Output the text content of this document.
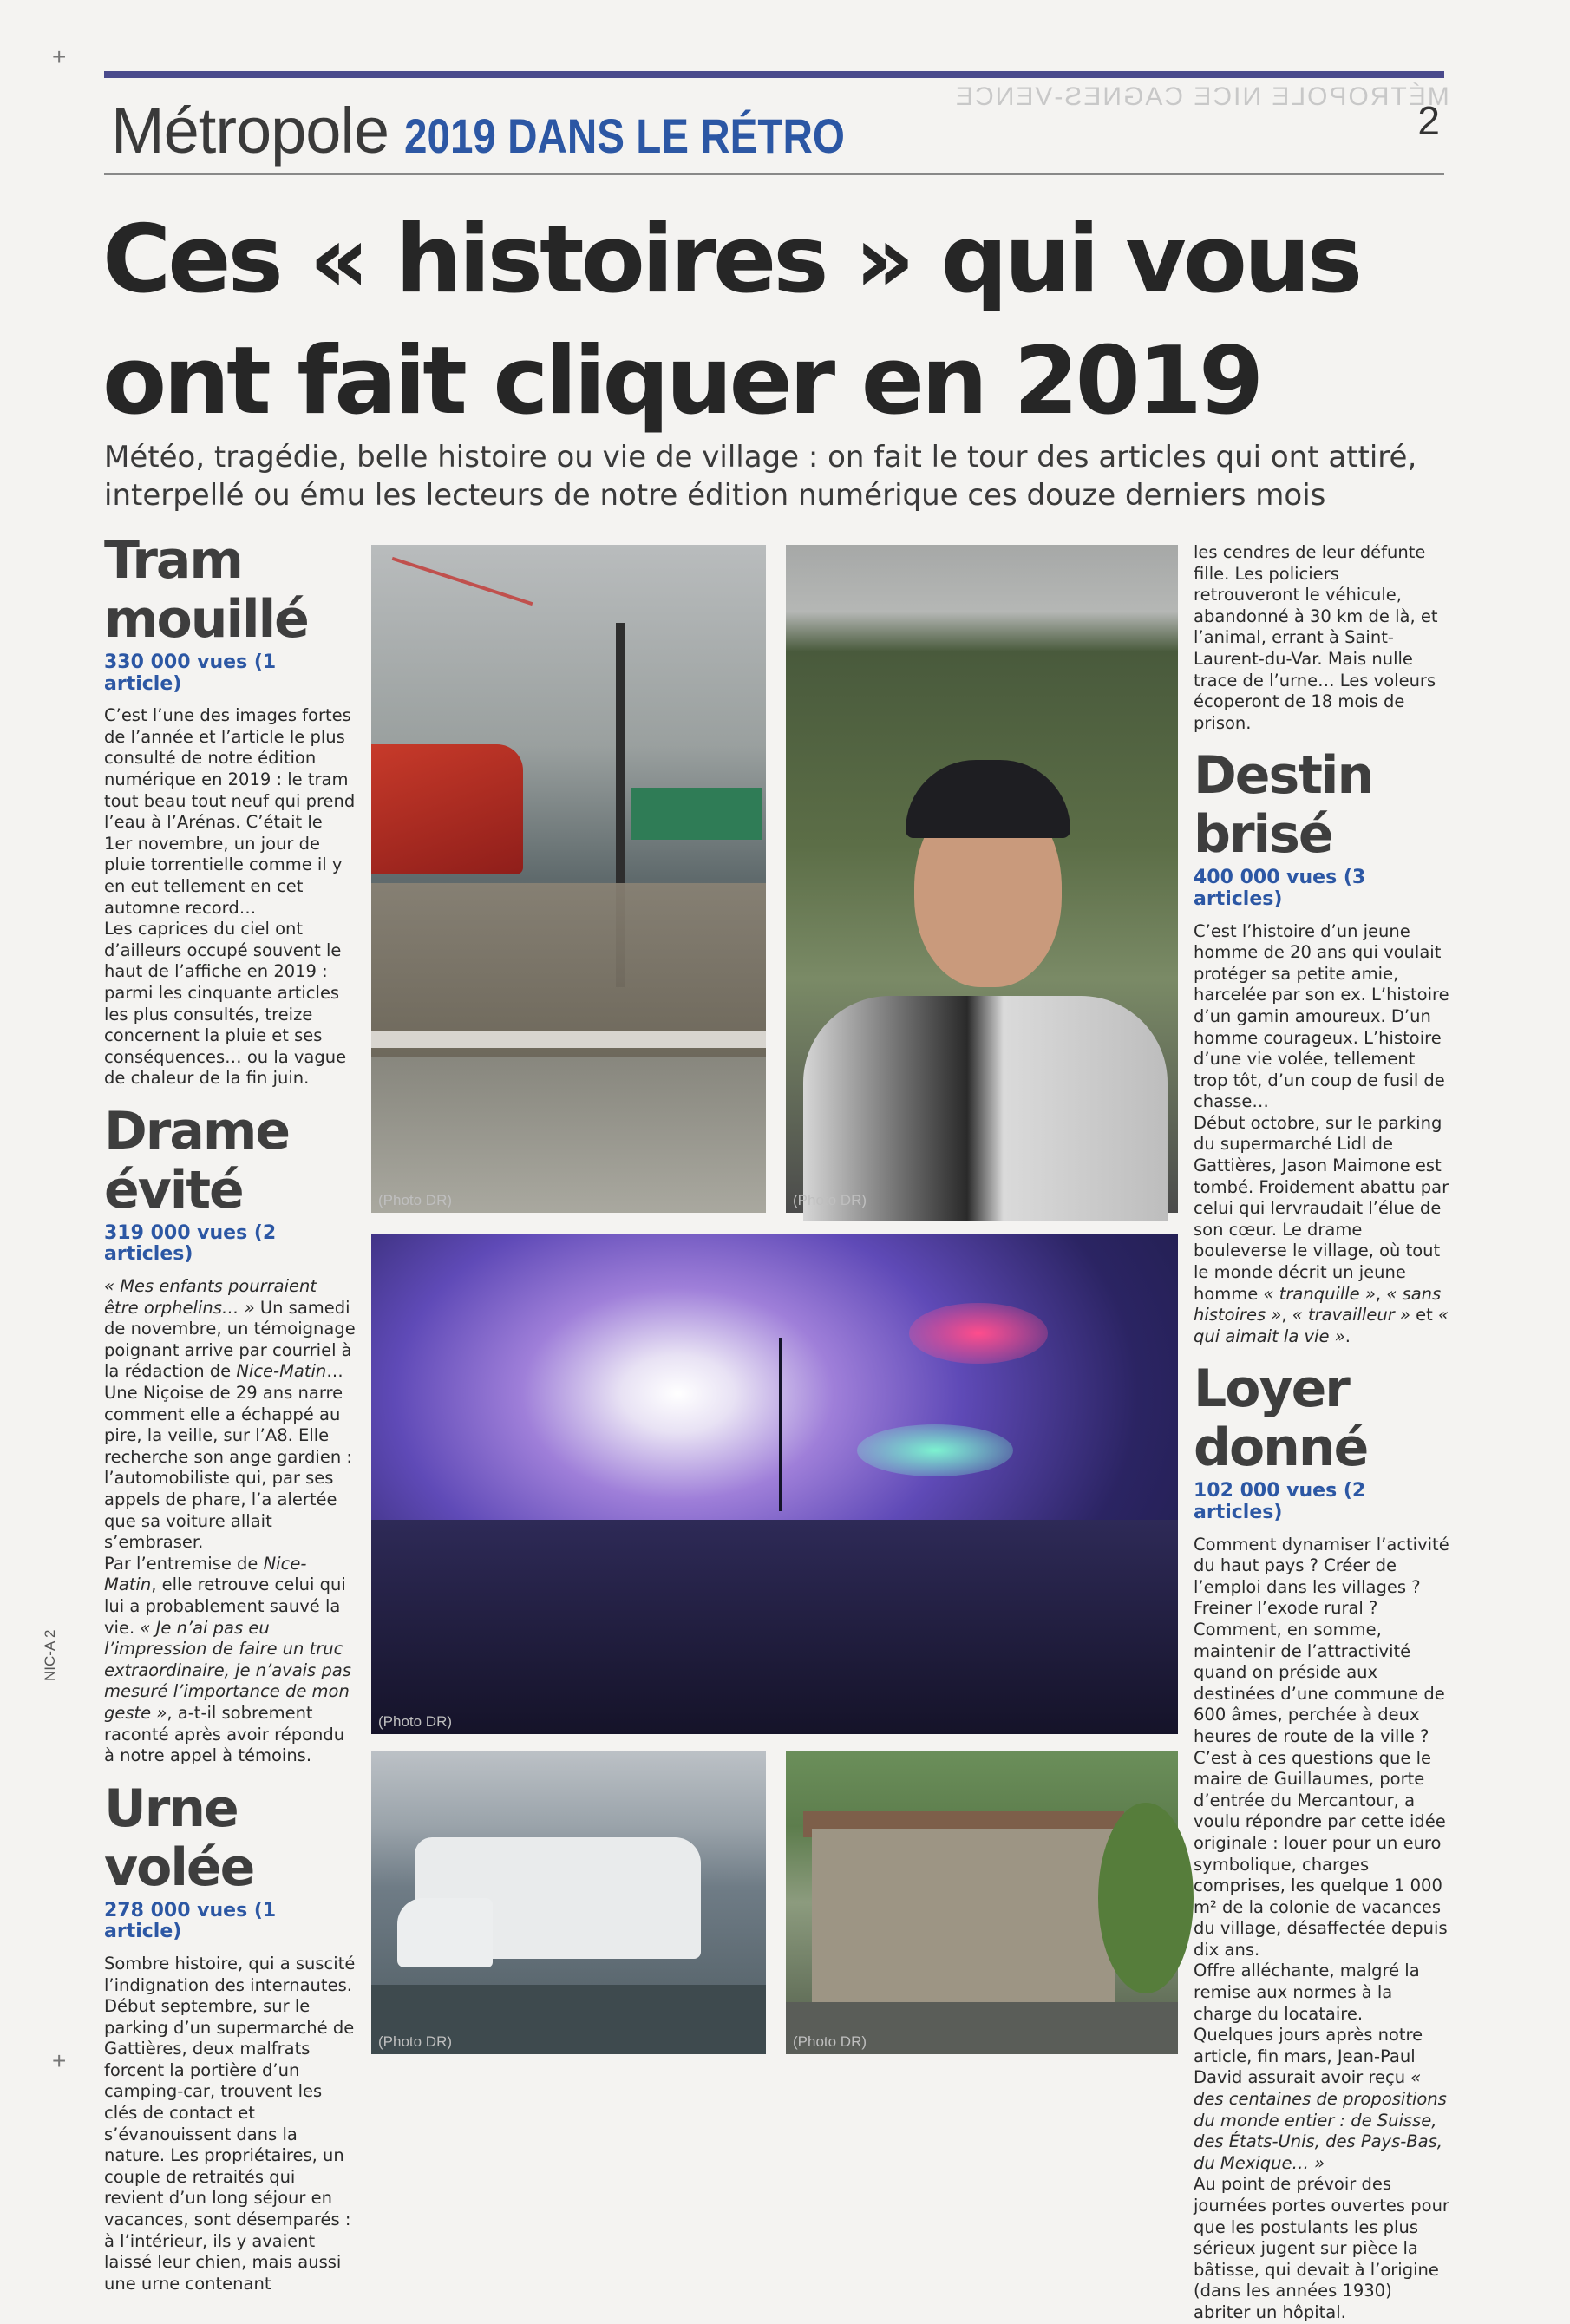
MÉTROPOLE NICE CAGNES-VENCE
Métropole 2019 DANS LE RÉTRO	2
Ces « histoires » qui vous ont fait cliquer en 2019
Météo, tragédie, belle histoire ou vie de village : on fait le tour des articles qui ont attiré, interpellé ou ému les lecteurs de notre édition numérique ces douze derniers mois
Tram
mouillé
330 000 vues (1 article)

C’est l’une des images fortes de l’année et l’article le plus consulté de notre édition numérique en 2019 : le tram tout beau tout neuf qui prend l’eau à l’Arénas. C’était le 1er novembre, un jour de pluie torrentielle comme il y en eut tellement en cet automne record…

Les caprices du ciel ont d’ailleurs occupé souvent le haut de l’affiche en 2019 : parmi les cinquante articles les plus consultés, treize concernent la pluie et ses conséquences… ou la vague de chaleur de la fin juin.

Drame
évité
319 000 vues (2 articles)

« Mes enfants pourraient être orphelins… » Un samedi de novembre, un témoignage poignant arrive par courriel à la rédaction de Nice-Matin…

Une Niçoise de 29 ans narre comment elle a échappé au pire, la veille, sur l’A8. Elle recherche son ange gardien : l’automobiliste qui, par ses appels de phare, l’a alertée que sa voiture allait s’embraser.

Par l’entremise de Nice-Matin, elle retrouve celui qui lui a probablement sauvé la vie. « Je n’ai pas eu l’impression de faire un truc extraordinaire, je n’avais pas mesuré l’importance de mon geste », a-t-il sobrement raconté après avoir répondu à notre appel à témoins.

Urne
volée
278 000 vues (1 article)

Sombre histoire, qui a suscité l’indignation des internautes.

Début septembre, sur le parking d’un supermarché de Gattières, deux malfrats forcent la portière d’un camping-car, trouvent les clés de contact et s’évanouissent dans la nature. Les propriétaires, un couple de retraités qui revient d’un long séjour en vacances, sont désemparés : à l’intérieur, ils y avaient laissé leur chien, mais aussi une urne contenant

(Photo DR)	(Photo DR)
(Photo DR)
(Photo DR)	(Photo DR)

les cendres de leur défunte fille. Les policiers retrouveront le véhicule, abandonné à 30 km de là, et l’animal, errant à Saint-Laurent-du-Var. Mais nulle trace de l’urne… Les voleurs écoperont de 18 mois de prison.

Destin
brisé
400 000 vues (3 articles)

C’est l’histoire d’un jeune homme de 20 ans qui voulait protéger sa petite amie, harcelée par son ex. L’histoire d’un gamin amoureux. D’un homme courageux. L’histoire d’une vie volée, tellement trop tôt, d’un coup de fusil de chasse…

Début octobre, sur le parking du supermarché Lidl de Gattières, Jason Maimone est tombé. Froidement abattu par celui qui lervraudait l’élue de son cœur. Le drame bouleverse le village, où tout le monde décrit un jeune homme « tranquille », « sans histoires », « travailleur » et « qui aimait la vie ».

Loyer
donné
102 000 vues (2 articles)

Comment dynamiser l’activité du haut pays ? Créer de l’emploi dans les villages ? Freiner l’exode rural ? Comment, en somme, maintenir de l’attractivité quand on préside aux destinées d’une commune de 600 âmes, perchée à deux heures de route de la ville ?

C’est à ces questions que le maire de Guillaumes, porte d’entrée du Mercantour, a voulu répondre par cette idée originale : louer pour un euro symbolique, charges comprises, les quelque 1 000 m² de la colonie de vacances du village, désaffectée depuis dix ans.

Offre alléchante, malgré la remise aux normes à la charge du locataire.

Quelques jours après notre article, fin mars, Jean-Paul David assurait avoir reçu « des centaines de propositions du monde entier : de Suisse, des États-Unis, des Pays-Bas, du Mexique… »

Au point de prévoir des journées portes ouvertes pour que les postulants les plus sérieux jugent sur pièce la bâtisse, qui devait à l’origine (dans les années 1930) abriter un hôpital.

NIC-A 2
+
+
